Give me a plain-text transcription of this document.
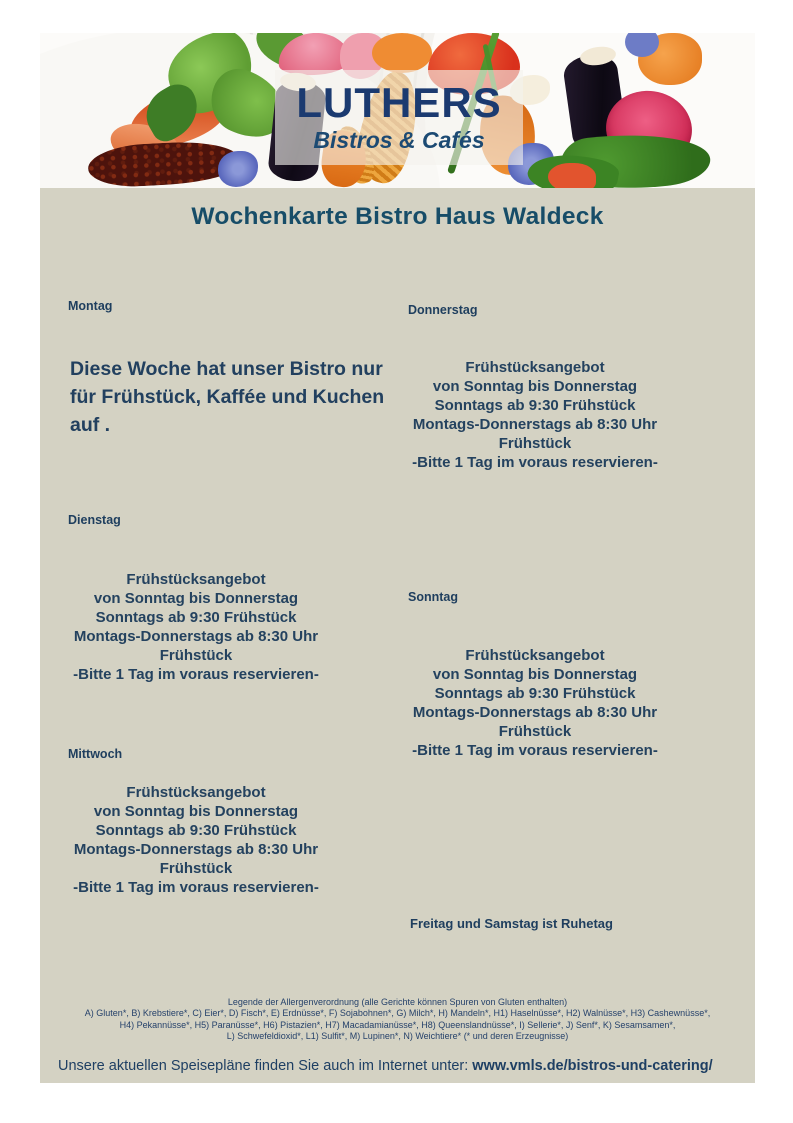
LUTHERS
Bistros & Cafés
Wochenkarte Bistro Haus Waldeck
Montag
Diese Woche hat unser Bistro nur
für Frühstück, Kaffée und Kuchen
auf .
Dienstag
Frühstücksangebot
von Sonntag bis Donnerstag
Sonntags ab 9:30 Frühstück
Montags-Donnerstags ab 8:30 Uhr
Frühstück
-Bitte 1 Tag im voraus reservieren-
Mittwoch
Frühstücksangebot
von Sonntag bis Donnerstag
Sonntags ab 9:30 Frühstück
Montags-Donnerstags ab 8:30 Uhr
Frühstück
-Bitte 1 Tag im voraus reservieren-
Donnerstag
Frühstücksangebot
von Sonntag bis Donnerstag
Sonntags ab 9:30 Frühstück
Montags-Donnerstags ab 8:30 Uhr
Frühstück
-Bitte 1 Tag im voraus reservieren-
Sonntag
Frühstücksangebot
von Sonntag bis Donnerstag
Sonntags ab 9:30 Frühstück
Montags-Donnerstags ab 8:30 Uhr
Frühstück
-Bitte 1 Tag im voraus reservieren-
Freitag und Samstag ist Ruhetag
Legende der Allergenverordnung (alle Gerichte können Spuren von Gluten enthalten)
A) Gluten*, B) Krebstiere*, C) Eier*, D) Fisch*, E) Erdnüsse*, F) Sojabohnen*, G) Milch*, H) Mandeln*, H1) Haselnüsse*, H2) Walnüsse*, H3) Cashewnüsse*,
H4) Pekannüsse*, H5) Paranüsse*, H6) Pistazien*, H7) Macadamianüsse*, H8) Queenslandnüsse*, I) Sellerie*, J) Senf*, K) Sesamsamen*,
L) Schwefeldioxid*, L1) Sulfit*, M) Lupinen*, N) Weichtiere* (* und deren Erzeugnisse)
Unsere aktuellen Speisepläne finden Sie auch im Internet unter: www.vmls.de/bistros-und-catering/
